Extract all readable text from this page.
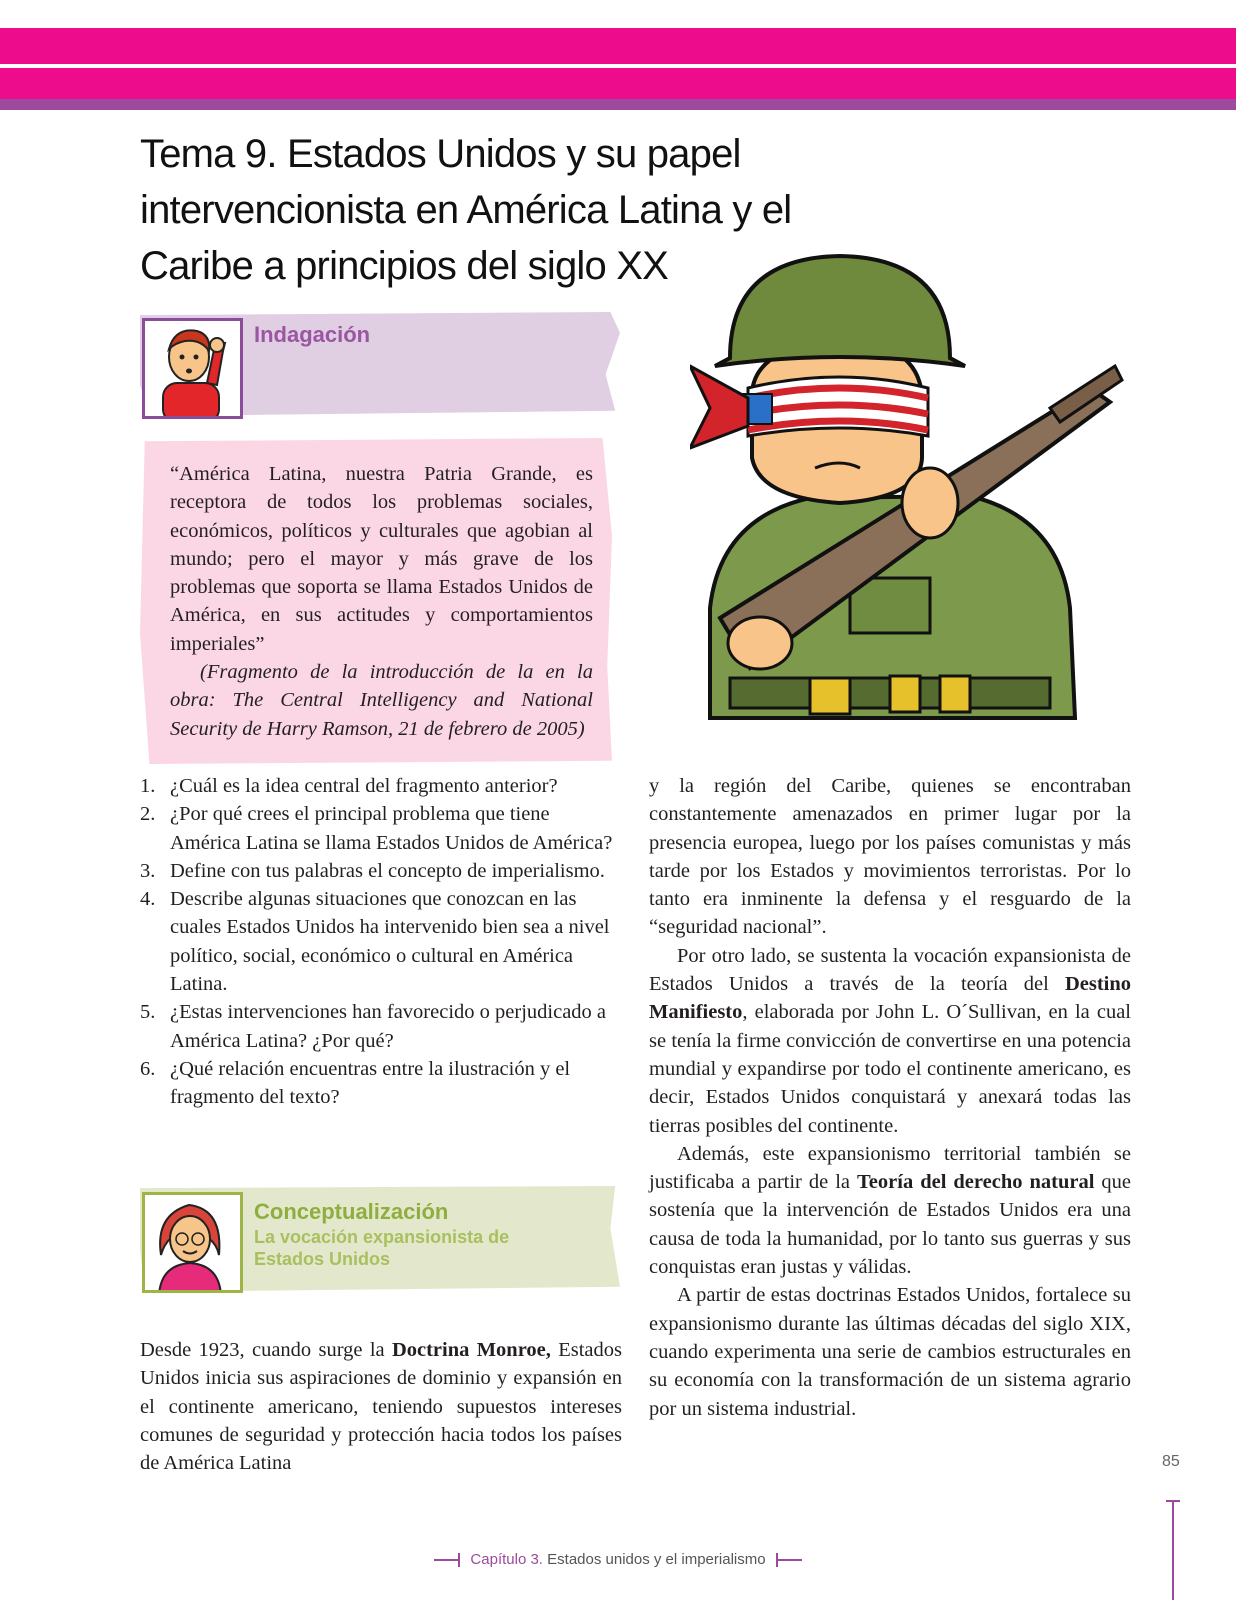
Tema 9. Estados Unidos y su papel intervencionista en América Latina y el Caribe a principios del siglo XX
Indagación

“América Latina, nuestra Patria Grande, es receptora de todos los problemas sociales, económicos, políticos y culturales que agobian al mundo; pero el mayor y más grave de los problemas que soporta se llama Estados Unidos de América, en sus actitudes y comportamientos imperiales”

(Fragmento de la introducción de la en la obra: The Central Intelligency and National Security de Harry Ramson, 21 de febrero de 2005)

1. ¿Cuál es la idea central del fragmento anterior?
2. ¿Por qué crees el principal problema que tiene América Latina se llama Estados Unidos de América?
3. Define con tus palabras el concepto de imperialismo.
4. Describe algunas situaciones que conozcan en las cuales Estados Unidos ha intervenido bien sea a nivel político, social, económico o cultural en América Latina.
5. ¿Estas intervenciones han favorecido o perjudicado a América Latina? ¿Por qué?
6. ¿Qué relación encuentras entre la ilustración y el fragmento del texto?
Conceptualización
La vocación expansionista de Estados Unidos

Desde 1923, cuando surge la Doctrina Monroe, Estados Unidos inicia sus aspiraciones de dominio y expansión en el continente americano, teniendo supuestos intereses comunes de seguridad y protección hacia todos los países de América Latina

y la región del Caribe, quienes se encontraban constantemente amenazados en primer lugar por la presencia europea, luego por los países comunistas y más tarde por los Estados y movimientos terroristas. Por lo tanto era inminente la defensa y el resguardo de la “seguridad nacional”.

Por otro lado, se sustenta la vocación expansionista de Estados Unidos a través de la teoría del Destino Manifiesto, elaborada por John L. O´Sullivan, en la cual se tenía la firme convicción de convertirse en una potencia mundial y expandirse por todo el continente americano, es decir, Estados Unidos conquistará y anexará todas las tierras posibles del continente.

Además, este expansionismo territorial también se justificaba a partir de la Teoría del derecho natural que sostenía que la intervención de Estados Unidos era una causa de toda la humanidad, por lo tanto sus guerras y sus conquistas eran justas y válidas.

A partir de estas doctrinas Estados Unidos, fortalece su expansionismo durante las últimas décadas del siglo XIX, cuando experimenta una serie de cambios estructurales en su economía con la transformación de un sistema agrario por un sistema industrial.

85
Capítulo 3. Estados unidos y el imperialismo
